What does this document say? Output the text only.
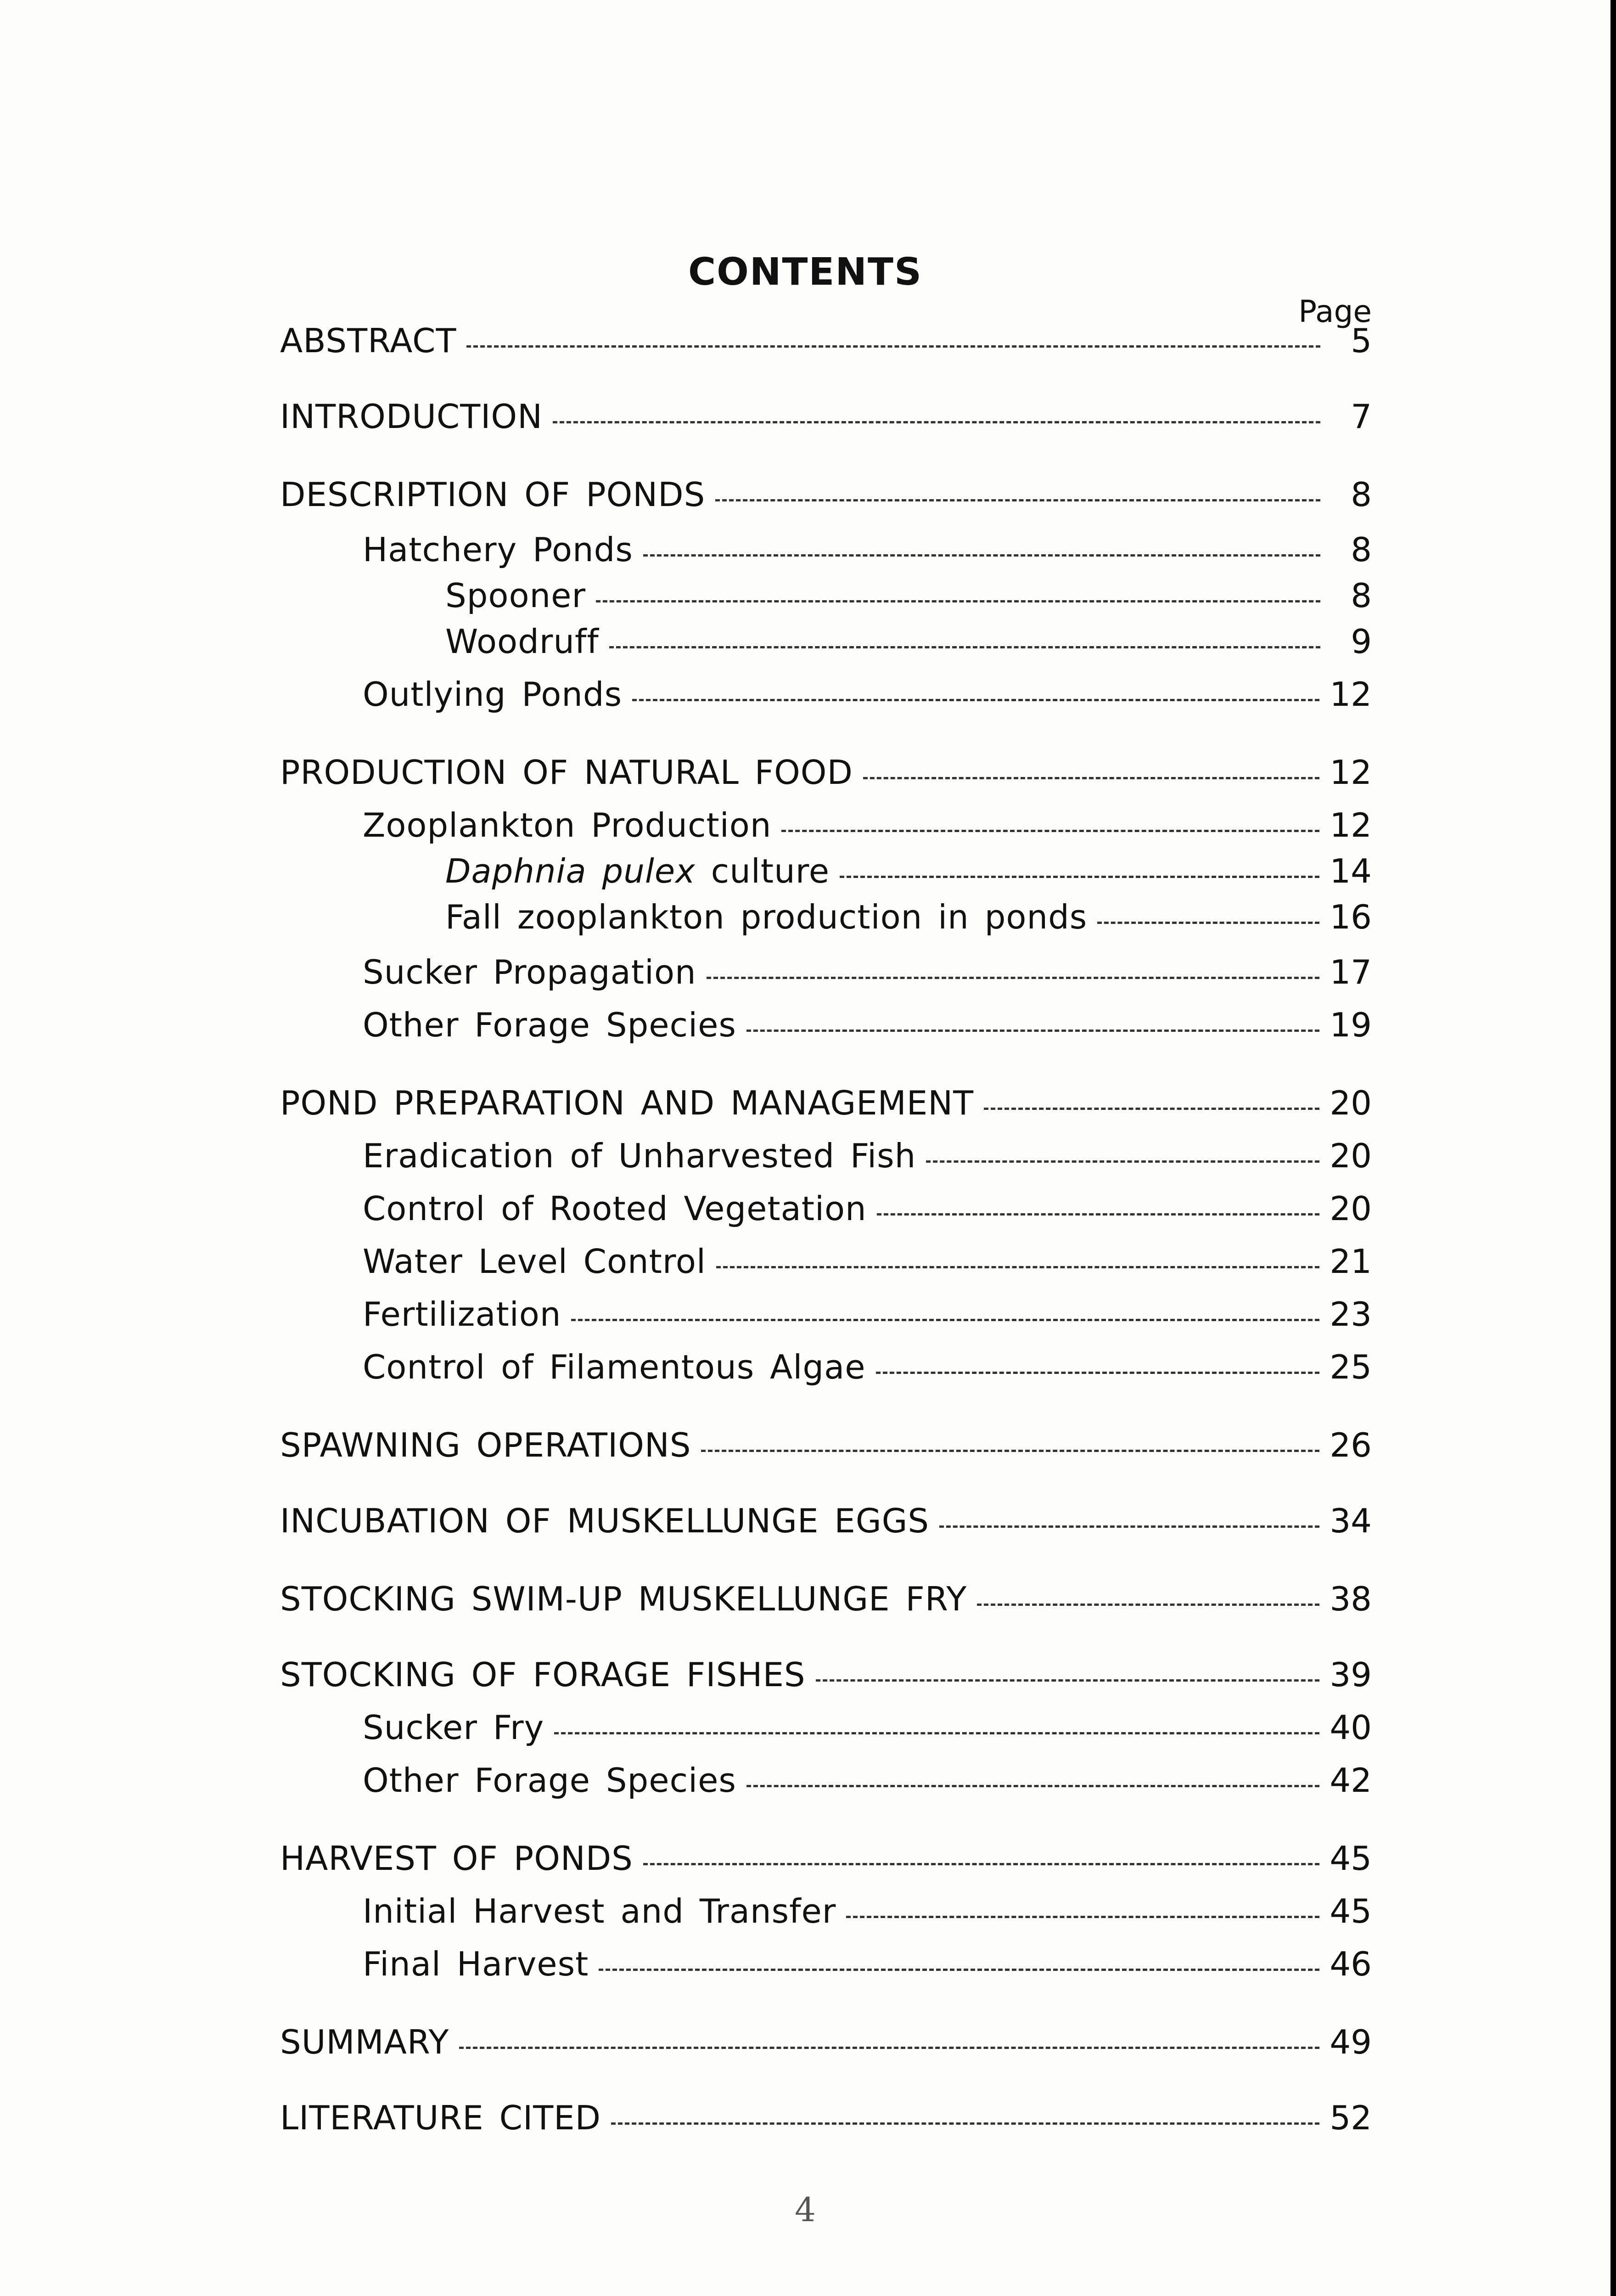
CONTENTS
Page
ABSTRACT	5
INTRODUCTION	7
DESCRIPTION OF PONDS	8
Hatchery Ponds	8
Spooner	8
Woodruff	9
Outlying Ponds	12
PRODUCTION OF NATURAL FOOD	12
Zooplankton Production	12
Daphnia pulex culture	14
Fall zooplankton production in ponds	16
Sucker Propagation	17
Other Forage Species	19
POND PREPARATION AND MANAGEMENT	20
Eradication of Unharvested Fish	20
Control of Rooted Vegetation	20
Water Level Control	21
Fertilization	23
Control of Filamentous Algae	25
SPAWNING OPERATIONS	26
INCUBATION OF MUSKELLUNGE EGGS	34
STOCKING SWIM-UP MUSKELLUNGE FRY	38
STOCKING OF FORAGE FISHES	39
Sucker Fry	40
Other Forage Species	42
HARVEST OF PONDS	45
Initial Harvest and Transfer	45
Final Harvest	46
SUMMARY	49
LITERATURE CITED	52
4
